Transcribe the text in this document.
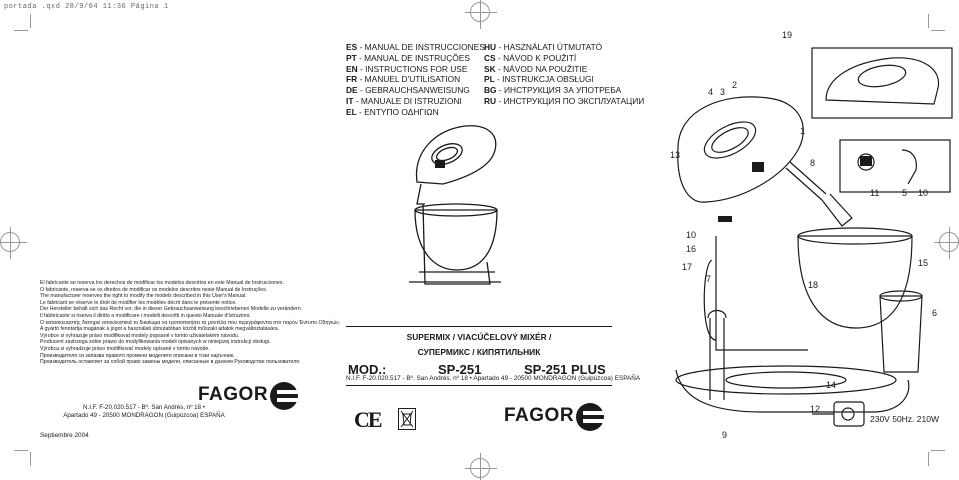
portada .qxd 28/9/04 11:36 Página 1
ES - MANUAL DE INSTRUCCIONES
PT - MANUAL DE INSTRUÇÕES
EN - INSTRUCTIONS FOR USE
FR - MANUEL D'UTILISATION
DE - GEBRAUCHSANWEISUNG
IT - MANUALE DI ISTRUZIONI
EL - ΕΝΤΥΠΟ ΟΔΗΓΙΩΝ
HU - HASZNÁLATI ÚTMUTATÓ
CS - NÁVOD K POUŽITÍ
SK - NÁVOD NA POUŽITIE
PL - INSTRUKCJA OBSŁUGI
BG - ИНСТРУКЦИЯ ЗА УПОТРЕБА
RU - ИНСТРУКЦИЯ ПО ЭКСПЛУАТАЦИИ
El fabricante se reserva los derechos de modificar los modelos descritos en este Manual de Instrucciones.
O fabricante, reserva-se os direitos de modificar os modelos descritos neste Manual de Instruções.
The manufacturer reserves the right to modify the models described in this User's Manual.
Le fabricant se réserve le droit de modifier les modèles décrit dans le présente notice.
Der Hersteller behält sich das Recht vor, die in dieser Gebrauchsanweisung beschriebenen Modelle zu verändern.
Il fabbricante si riserva il diritto a modificare i modelli descritti in questo Manuale d'Istruzioni.
Ο κατασκευαστής διατηρεί αποκλειστικά το δικαίωμα να τροποποιήσει τα μοντέλα που περιγράφονται στο παρόν Έντυπο Οδηγιών.
A gyártó fenntartja magának a jogot a használati útmutatóban közölt műszaki adatok megváltoztatására.
Výrobce si vyhrazuje právo modifikovat modely popsané v tomto uživatelském návodu.
Producent zastrzega sobie prawo do modyfikowania modeli opisanych w niniejszej instrukcji obsługi.
Výrobca si vyhradzuje právo modifikovať modely opísané v tomto návode.
Производителя си запазва правото промени моделите описани в този наръчник.
Производитель оставляет за собой право замены модели, описанные в данном Руководстве пользователя.
FAGOR
N.I.F. F-20.020.517 - Bº. San Andrés, nº 18 •
Apartado 49 - 20500 MONDRAGON (Guipúzcoa) ESPAÑA
Septiembre 2004
SUPERMIX / VIACÚČELOVÝ MIXÉR /
СУПЕРМИКС / КИПЯТИЛЬНИК
MOD.:	SP-251	SP-251 PLUS
N.I.F. F-20.020.517 - Bº. San Andrés, nº 18 • Apartado 49 - 20500 MONDRAGON (Guipúzcoa) ESPAÑA
CE	FAGOR
19
2
4 3
1
13
8
11	5 10
10
16
17	15
7
18
6
14
12
9
230V 50Hz. 210W
